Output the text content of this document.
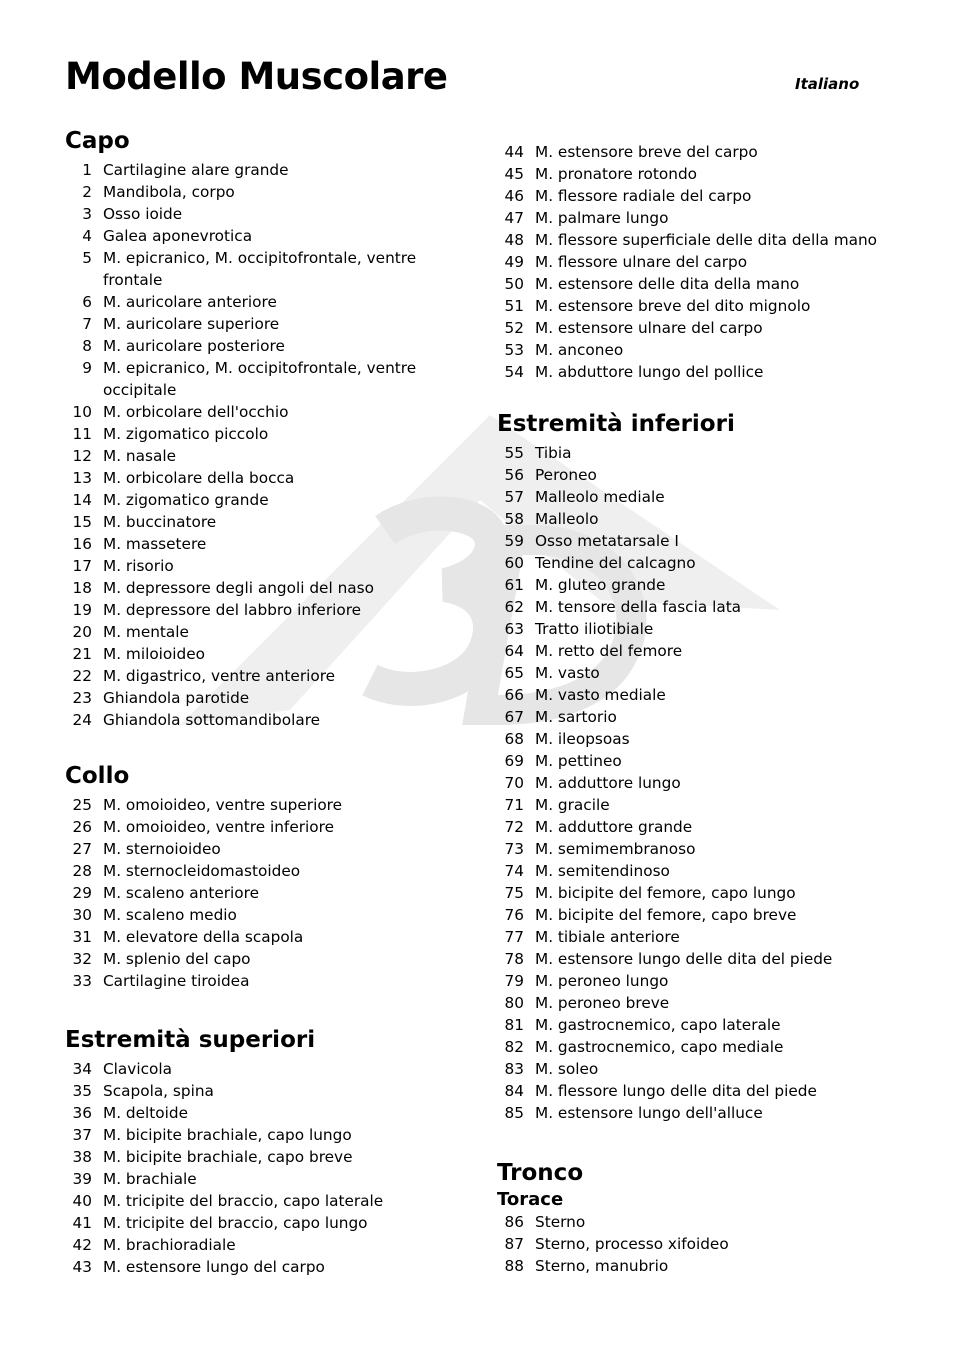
Modello Muscolare	Italiano
Capo
1 Cartilagine alare grande
2 Mandibola, corpo
3 Osso ioide
4 Galea aponevrotica
5 M. epicranico, M. occipitofrontale, ventre frontale
6 M. auricolare anteriore
7 M. auricolare superiore
8 M. auricolare posteriore
9 M. epicranico, M. occipitofrontale, ventre occipitale
10 M. orbicolare dell'occhio
11 M. zigomatico piccolo
12 M. nasale
13 M. orbicolare della bocca
14 M. zigomatico grande
15 M. buccinatore
16 M. massetere
17 M. risorio
18 M. depressore degli angoli del naso
19 M. depressore del labbro inferiore
20 M. mentale
21 M. miloioideo
22 M. digastrico, ventre anteriore
23 Ghiandola parotide
24 Ghiandola sottomandibolare
Collo
25 M. omoioideo, ventre superiore
26 M. omoioideo, ventre inferiore
27 M. sternoioideo
28 M. sternocleidomastoideo
29 M. scaleno anteriore
30 M. scaleno medio
31 M. elevatore della scapola
32 M. splenio del capo
33 Cartilagine tiroidea
Estremità superiori
34 Clavicola
35 Scapola, spina
36 M. deltoide
37 M. bicipite brachiale, capo lungo
38 M. bicipite brachiale, capo breve
39 M. brachiale
40 M. tricipite del braccio, capo laterale
41 M. tricipite del braccio, capo lungo
42 M. brachioradiale
43 M. estensore lungo del carpo
44 M. estensore breve del carpo
45 M. pronatore rotondo
46 M. flessore radiale del carpo
47 M. palmare lungo
48 M. flessore superficiale delle dita della mano
49 M. flessore ulnare del carpo
50 M. estensore delle dita della mano
51 M. estensore breve del dito mignolo
52 M. estensore ulnare del carpo
53 M. anconeo
54 M. abduttore lungo del pollice
Estremità inferiori
55 Tibia
56 Peroneo
57 Malleolo mediale
58 Malleolo
59 Osso metatarsale I
60 Tendine del calcagno
61 M. gluteo grande
62 M. tensore della fascia lata
63 Tratto iliotibiale
64 M. retto del femore
65 M. vasto
66 M. vasto mediale
67 M. sartorio
68 M. ileopsoas
69 M. pettineo
70 M. adduttore lungo
71 M. gracile
72 M. adduttore grande
73 M. semimembranoso
74 M. semitendinoso
75 M. bicipite del femore, capo lungo
76 M. bicipite del femore, capo breve
77 M. tibiale anteriore
78 M. estensore lungo delle dita del piede
79 M. peroneo lungo
80 M. peroneo breve
81 M. gastrocnemico, capo laterale
82 M. gastrocnemico, capo mediale
83 M. soleo
84 M. flessore lungo delle dita del piede
85 M. estensore lungo dell'alluce
Tronco
Torace
86 Sterno
87 Sterno, processo xifoideo
88 Sterno, manubrio
